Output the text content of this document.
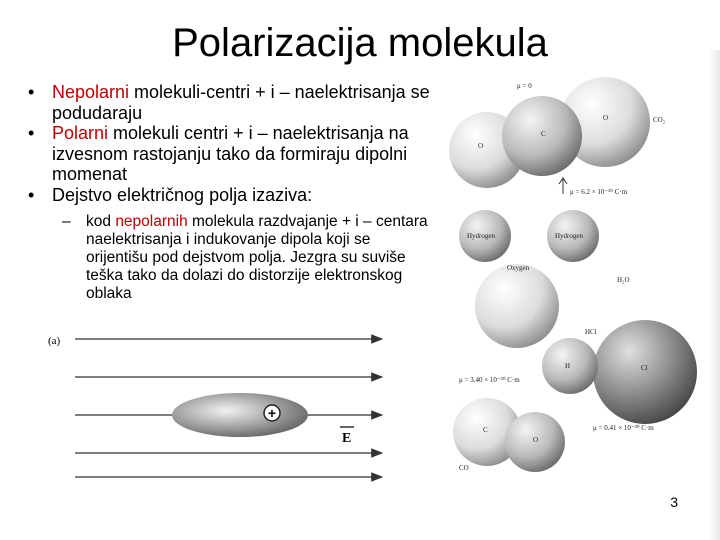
Polarizacija molekula
• Nepolarni molekuli-centri + i – naelektrisanja se podudaraju
• Polarni molekuli centri + i – naelektrisanja na izvesnom rastojanju tako da formiraju dipolni momenat
• Dejstvo električnog polja izaziva:
– kod nepolarnih molekula razdvajanje + i – centara naelektrisanja i indukovanje dipola koji se orijentišu pod dejstvom polja. Jezgra su suviše teška tako da dolazi do distorzije elektronskog oblaka
(a)
+
E
O
C
O
μ = 0
CO₂
μ = 6.2 × 10⁻³⁰ C·m
Hydrogen
Oxygen
Hydrogen
H₂O
H	Cl
μ = 3.40 × 10⁻³⁰ C·m
HCl
C
O
μ = 0.41 × 10⁻³⁰ C·m
CO
3
